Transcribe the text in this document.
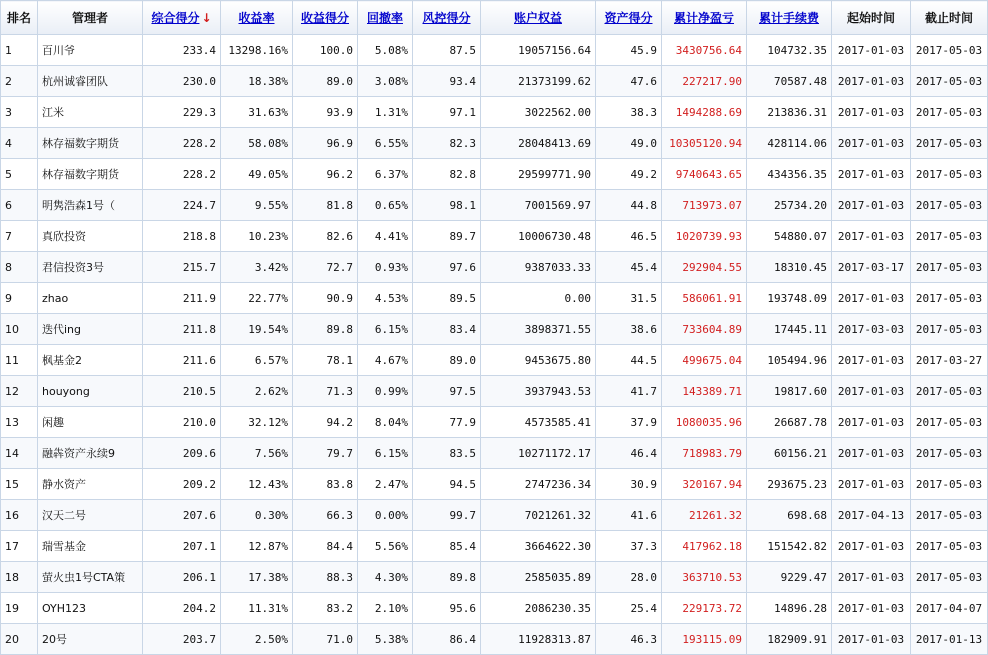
排名	管理者	综合得分 ↓	收益率	收益得分	回撤率	风控得分	账户权益	资产得分	累计净盈亏	累计手续费	起始时间	截止时间
1	百川爷	233.4	13298.16%	100.0	5.08%	87.5	19057156.64	45.9	3430756.64	104732.35	2017-01-03	2017-05-03
2	杭州诚睿团队	230.0	18.38%	89.0	3.08%	93.4	21373199.62	47.6	227217.90	70587.48	2017-01-03	2017-05-03
3	江米	229.3	31.63%	93.9	1.31%	97.1	3022562.00	38.3	1494288.69	213836.31	2017-01-03	2017-05-03
4	林存福数字期货	228.2	58.08%	96.9	6.55%	82.3	28048413.69	49.0	10305120.94	428114.06	2017-01-03	2017-05-03
5	林存福数字期货	228.2	49.05%	96.2	6.37%	82.8	29599771.90	49.2	9740643.65	434356.35	2017-01-03	2017-05-03
6	明隽浩森1号（	224.7	9.55%	81.8	0.65%	98.1	7001569.97	44.8	713973.07	25734.20	2017-01-03	2017-05-03
7	真欣投资	218.8	10.23%	82.6	4.41%	89.7	10006730.48	46.5	1020739.93	54880.07	2017-01-03	2017-05-03
8	君信投资3号	215.7	3.42%	72.7	0.93%	97.6	9387033.33	45.4	292904.55	18310.45	2017-03-17	2017-05-03
9	zhao	211.9	22.77%	90.9	4.53%	89.5	0.00	31.5	586061.91	193748.09	2017-01-03	2017-05-03
10	迭代ing	211.8	19.54%	89.8	6.15%	83.4	3898371.55	38.6	733604.89	17445.11	2017-03-03	2017-05-03
11	枫基金2	211.6	6.57%	78.1	4.67%	89.0	9453675.80	44.5	499675.04	105494.96	2017-01-03	2017-03-27
12	houyong	210.5	2.62%	71.3	0.99%	97.5	3937943.53	41.7	143389.71	19817.60	2017-01-03	2017-05-03
13	闲趣	210.0	32.12%	94.2	8.04%	77.9	4573585.41	37.9	1080035.96	26687.78	2017-01-03	2017-05-03
14	融犇资产永续9	209.6	7.56%	79.7	6.15%	83.5	10271172.17	46.4	718983.79	60156.21	2017-01-03	2017-05-03
15	静水资产	209.2	12.43%	83.8	2.47%	94.5	2747236.34	30.9	320167.94	293675.23	2017-01-03	2017-05-03
16	汉天二号	207.6	0.30%	66.3	0.00%	99.7	7021261.32	41.6	21261.32	698.68	2017-04-13	2017-05-03
17	瑞雪基金	207.1	12.87%	84.4	5.56%	85.4	3664622.30	37.3	417962.18	151542.82	2017-01-03	2017-05-03
18	萤火虫1号CTA策	206.1	17.38%	88.3	4.30%	89.8	2585035.89	28.0	363710.53	9229.47	2017-01-03	2017-05-03
19	OYH123	204.2	11.31%	83.2	2.10%	95.6	2086230.35	25.4	229173.72	14896.28	2017-01-03	2017-04-07
20	20号	203.7	2.50%	71.0	5.38%	86.4	11928313.87	46.3	193115.09	182909.91	2017-01-03	2017-01-13
